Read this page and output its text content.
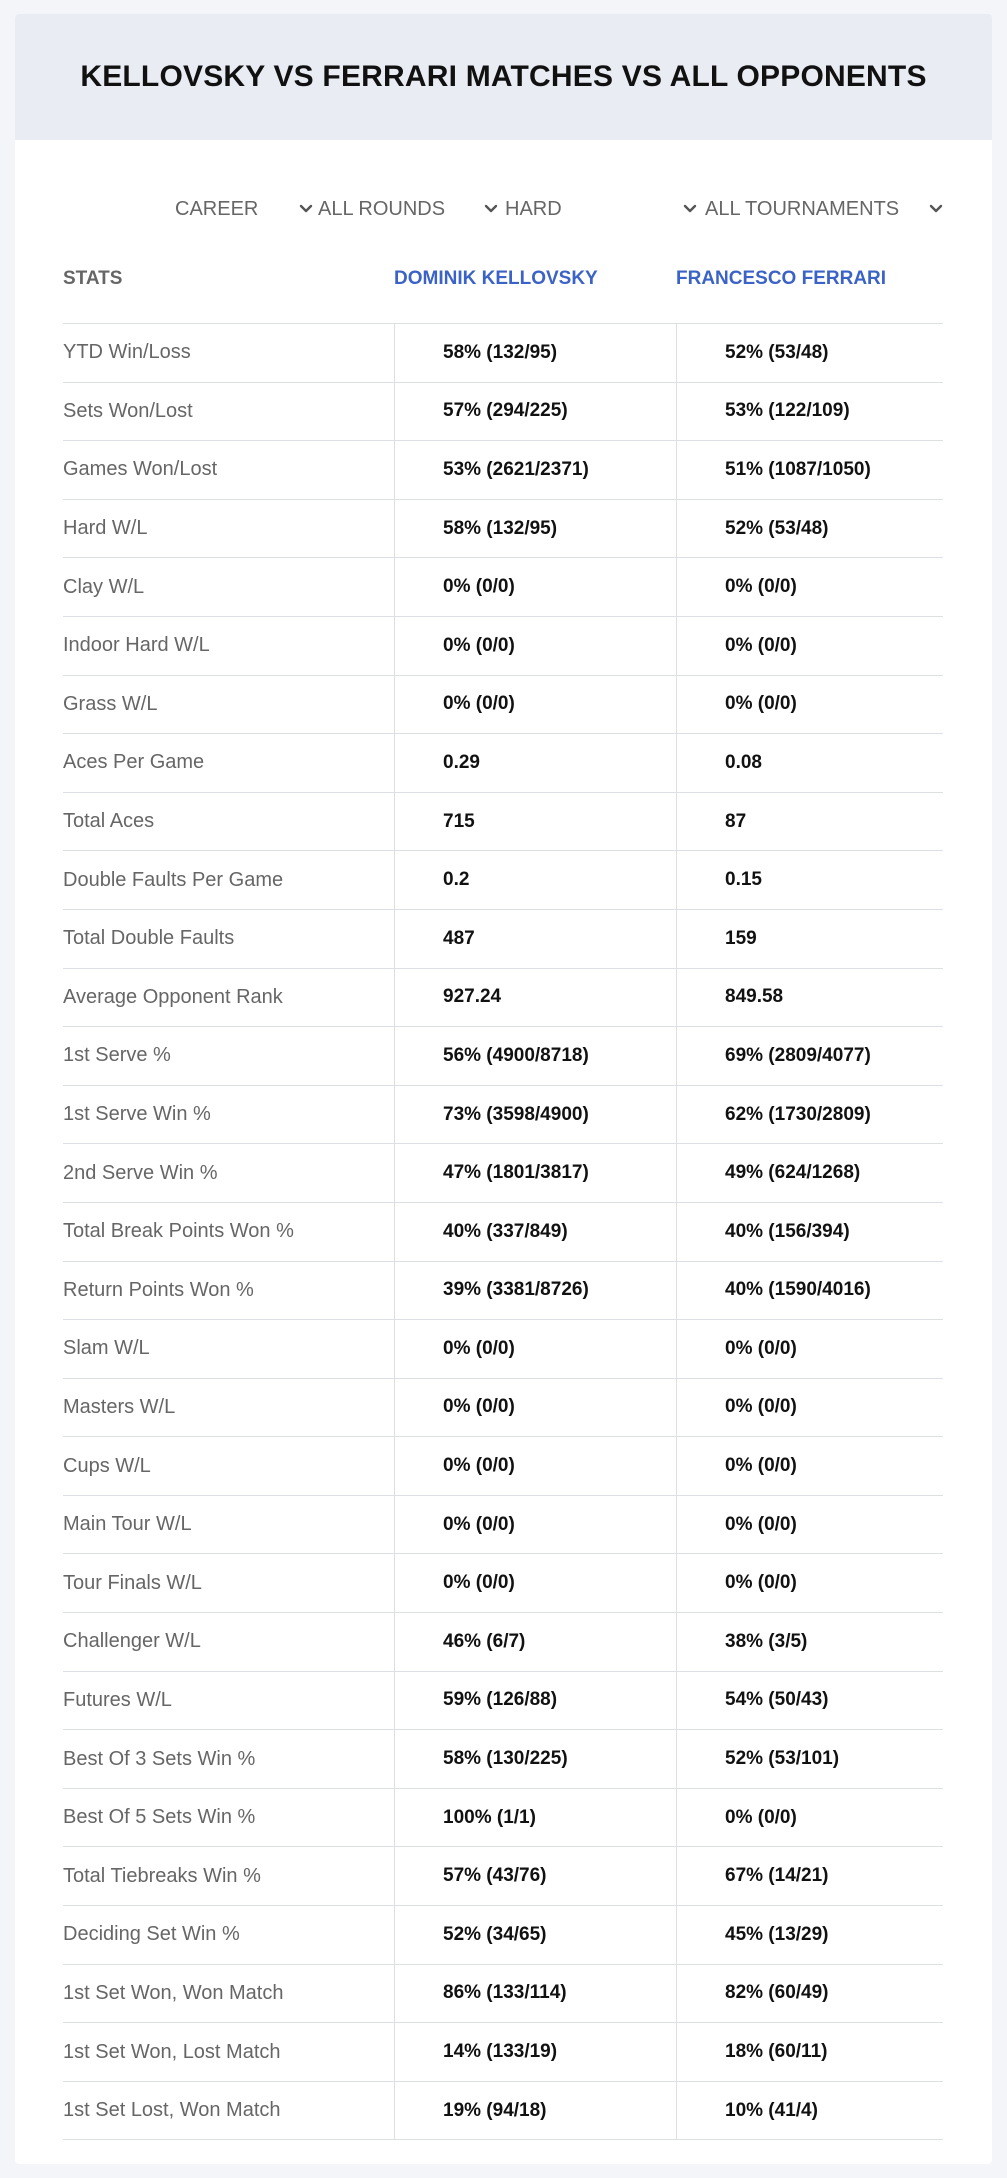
KELLOVSKY VS FERRARI MATCHES VS ALL OPPONENTS
CAREER	ALL ROUNDS	HARD	ALL TOURNAMENTS
STATS	DOMINIK KELLOVSKY	FRANCESCO FERRARI
YTD Win/Loss	58% (132/95)	52% (53/48)
Sets Won/Lost	57% (294/225)	53% (122/109)
Games Won/Lost	53% (2621/2371)	51% (1087/1050)
Hard W/L	58% (132/95)	52% (53/48)
Clay W/L	0% (0/0)	0% (0/0)
Indoor Hard W/L	0% (0/0)	0% (0/0)
Grass W/L	0% (0/0)	0% (0/0)
Aces Per Game	0.29	0.08
Total Aces	715	87
Double Faults Per Game	0.2	0.15
Total Double Faults	487	159
Average Opponent Rank	927.24	849.58
1st Serve %	56% (4900/8718)	69% (2809/4077)
1st Serve Win %	73% (3598/4900)	62% (1730/2809)
2nd Serve Win %	47% (1801/3817)	49% (624/1268)
Total Break Points Won %	40% (337/849)	40% (156/394)
Return Points Won %	39% (3381/8726)	40% (1590/4016)
Slam W/L	0% (0/0)	0% (0/0)
Masters W/L	0% (0/0)	0% (0/0)
Cups W/L	0% (0/0)	0% (0/0)
Main Tour W/L	0% (0/0)	0% (0/0)
Tour Finals W/L	0% (0/0)	0% (0/0)
Challenger W/L	46% (6/7)	38% (3/5)
Futures W/L	59% (126/88)	54% (50/43)
Best Of 3 Sets Win %	58% (130/225)	52% (53/101)
Best Of 5 Sets Win %	100% (1/1)	0% (0/0)
Total Tiebreaks Win %	57% (43/76)	67% (14/21)
Deciding Set Win %	52% (34/65)	45% (13/29)
1st Set Won, Won Match	86% (133/114)	82% (60/49)
1st Set Won, Lost Match	14% (133/19)	18% (60/11)
1st Set Lost, Won Match	19% (94/18)	10% (41/4)
